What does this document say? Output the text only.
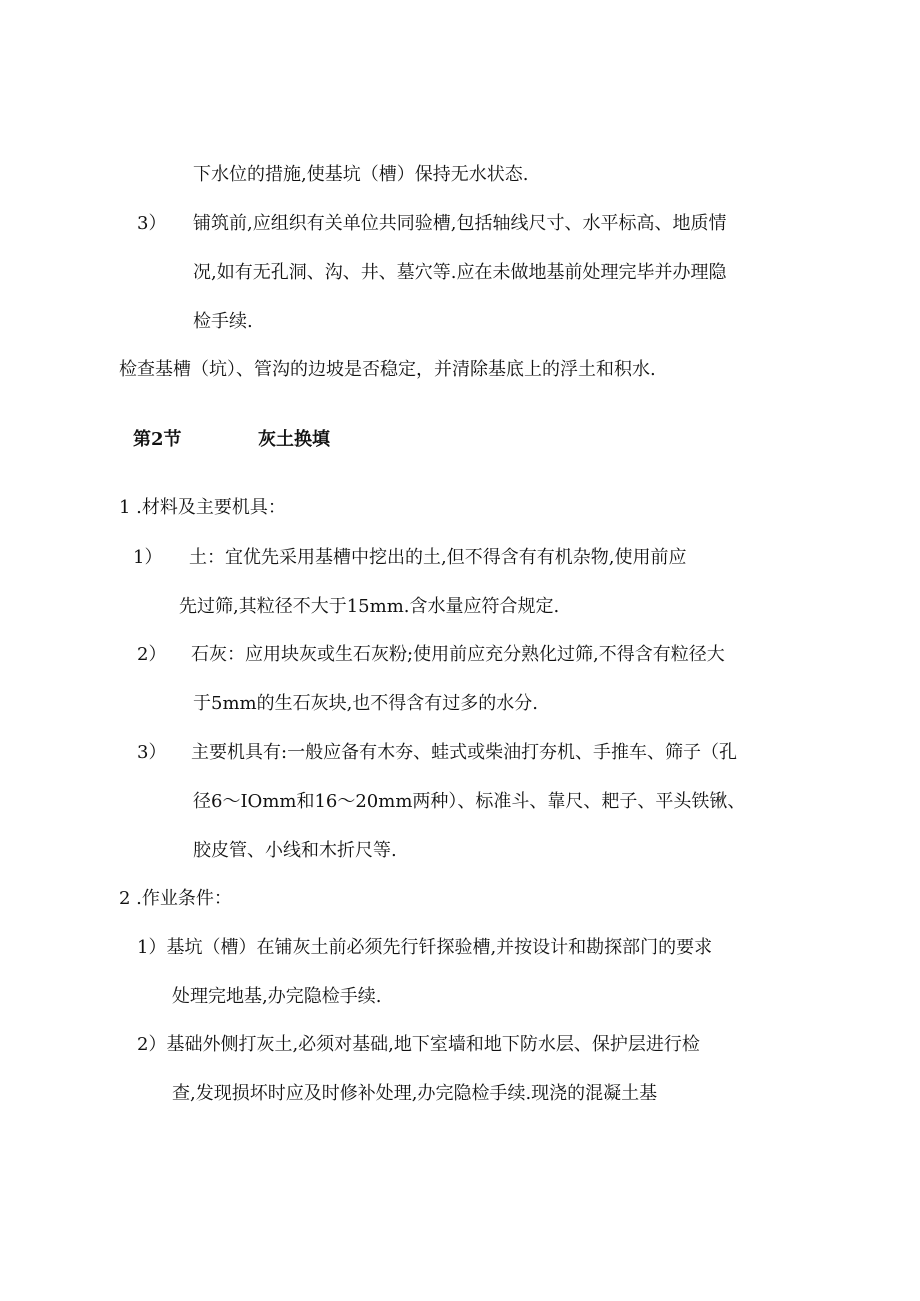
下水位的措施,使基坑（槽）保持无水状态.
3） 铺筑前,应组织有关单位共同验槽,包括轴线尺寸、水平标高、地质情
况,如有无孔洞、沟、井、墓穴等.应在未做地基前处理完毕并办理隐
检手续.
检查基槽（坑）、管沟的边坡是否稳定，并清除基底上的浮土和积水.
第2节	灰土换填
1 .材料及主要机具：
1） 土：宜优先采用基槽中挖出的土,但不得含有有机杂物,使用前应
先过筛,其粒径不大于15mm.含水量应符合规定.
2） 石灰：应用块灰或生石灰粉;使用前应充分熟化过筛,不得含有粒径大
于5mm的生石灰块,也不得含有过多的水分.
3） 主要机具有:一般应备有木夯、蛙式或柴油打夯机、手推车、筛子（孔
径6～IOmm和16～20mm两种）、标准斗、靠尺、耙子、平头铁锹、
胶皮管、小线和木折尺等.
2 .作业条件：
1）基坑（槽）在铺灰土前必须先行钎探验槽,并按设计和勘探部门的要求
处理完地基,办完隐检手续.
2）基础外侧打灰土,必须对基础,地下室墙和地下防水层、保护层进行检
查,发现损坏时应及时修补处理,办完隐检手续.现浇的混凝土基
